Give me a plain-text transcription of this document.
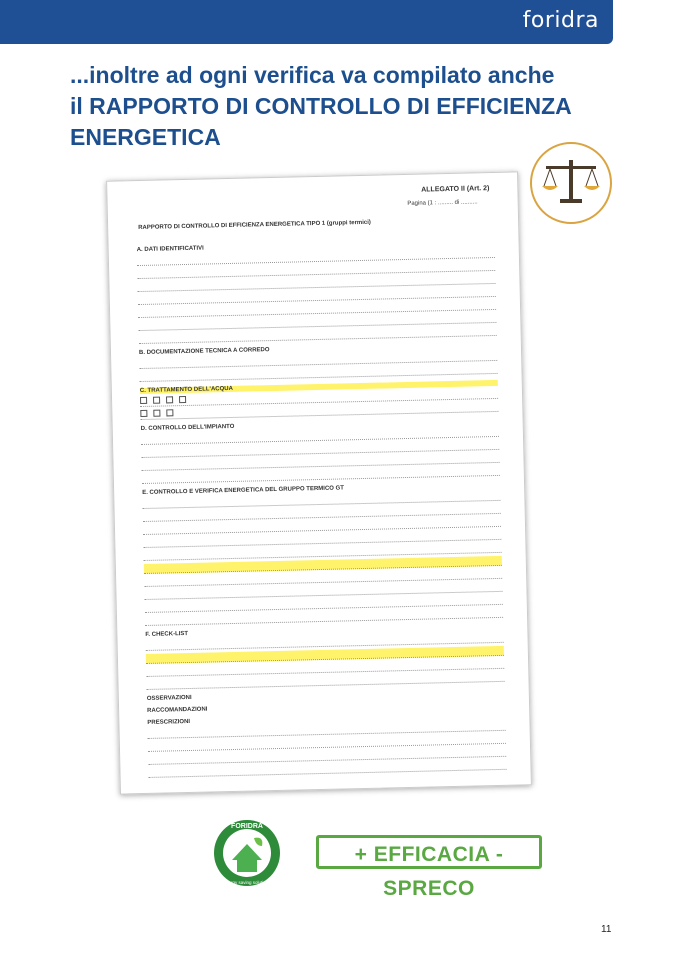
foridra
...inoltre ad ogni verifica va compilato anche
il RAPPORTO DI CONTROLLO DI EFFICIENZA
ENERGETICA
ALLEGATO II (Art. 2)
Pagina (1 : ......... di ..........
RAPPORTO DI CONTROLLO DI EFFICIENZA ENERGETICA TIPO 1 (gruppi termici)
A. DATI IDENTIFICATIVI
B. DOCUMENTAZIONE TECNICA A CORREDO
C. TRATTAMENTO DELL'ACQUA
D. CONTROLLO DELL'IMPIANTO
E. CONTROLLO E VERIFICA ENERGETICA DEL GRUPPO TERMICO GT
F. CHECK-LIST
OSSERVAZIONI
RACCOMANDAZIONI
PRESCRIZIONI
FORIDRA
energy saving solutions
+ EFFICACIA - SPRECO
11
